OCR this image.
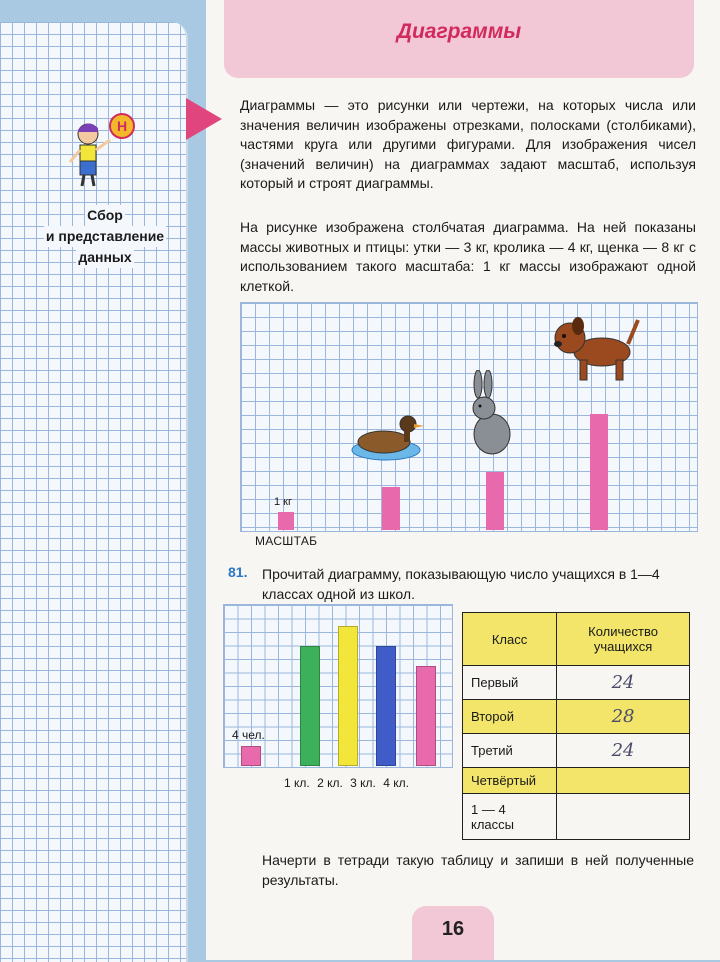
Н
Сбор
и представление
данных
Диаграммы

Диаграммы — это рисунки или чертежи, на которых числа или значения величин изображены отрезками, полосками (столбиками), частями круга или другими фигурами. Для изображения чисел (значений величин) на диаграммах задают масштаб, используя который и строят диаграммы.

На рисунке изображена столбчатая диаграмма. На ней показаны массы животных и птицы: утки — 3 кг, кролика — 4 кг, щенка — 8 кг с использованием такого масштаба: 1 кг массы изображают одной клеткой.

1 кг
МАСШТАБ
81. Прочитай диаграмму, показывающую число учащихся в 1—4 классах одной из школ.

4 чел.
1 кл. 2 кл. 3 кл. 4 кл.
Класс	Количество учащихся
Первый	24
Второй	28
Третий	24
Четвёртый	
1 — 4 классы	

Начерти в тетради такую таблицу и запиши в ней полученные результаты.

16
